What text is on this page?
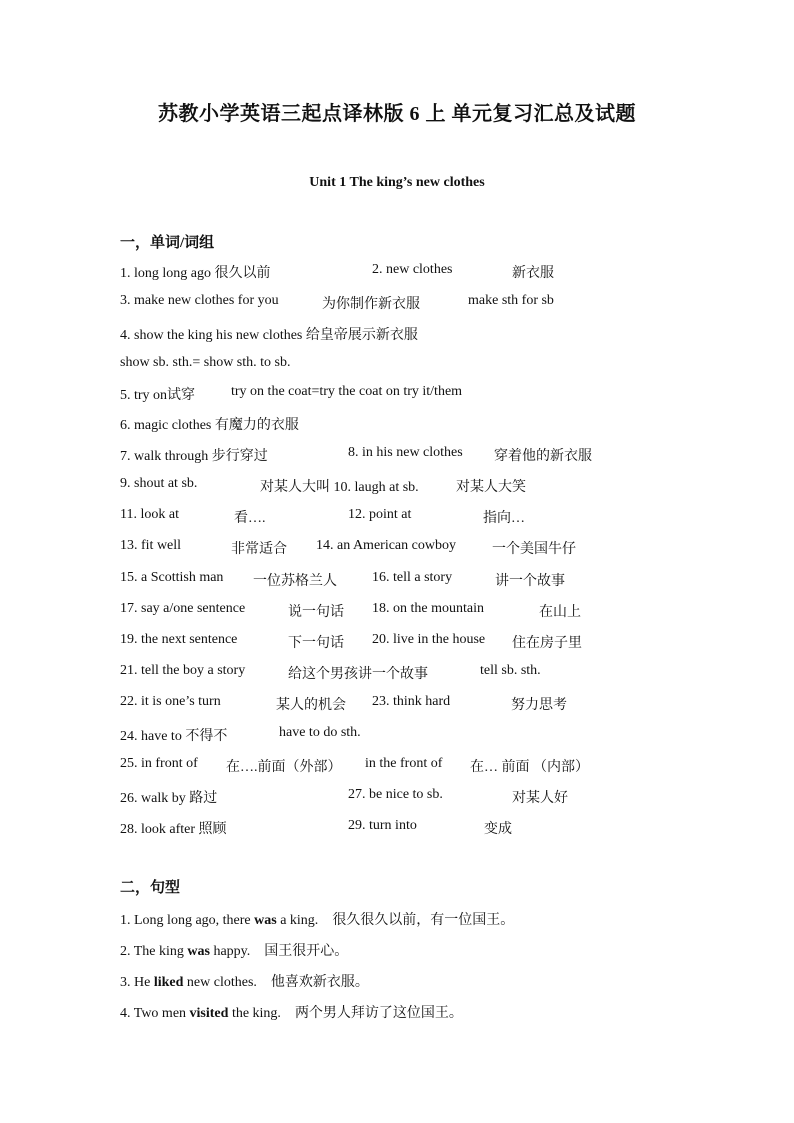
苏教小学英语三起点译林版 6 上 单元复习汇总及试题
Unit 1 The king’s new clothes
一，单词/词组
1. long long ago 很久以前	2. new clothes	新衣服
3. make new clothes for you	为你制作新衣服	make sth for sb
4. show the king his new clothes 给皇帝展示新衣服
show sb. sth.= show sth. to sb.
5. try on试穿	try on the coat=try the coat on try it/them
6. magic clothes 有魔力的衣服
7. walk through 步行穿过	8. in his new clothes 穿着他的新衣服
9. shout at sb.	对某人大叫 10. laugh at sb.	对某人大笑
11. look at	看….	12. point at	指向…
13. fit well	非常适合 14. an American cowboy	一个美国牛仔
15. a Scottish man 一位苏格兰人	16. tell a story	讲一个故事
17. say a/one sentence	说一句话 18. on the mountain	在山上
19. the next sentence	下一句话 20. live in the house 住在房子里
21. tell the boy a story	给这个男孩讲一个故事	tell sb. sth.
22. it is one’s turn	某人的机会 23. think hard	努力思考
24. have to 不得不	have to do sth.
25. in front of 在….前面（外部） in the front of 在… 前面 （内部）
26. walk by 路过	27. be nice to sb.	对某人好
28. look after 照顾	29. turn into	变成
二，句型
1. Long long ago, there was a king. 很久很久以前，有一位国王。
2. The king was happy. 国王很开心。
3. He liked new clothes. 他喜欢新衣服。
4. Two men visited the king. 两个男人拜访了这位国王。
